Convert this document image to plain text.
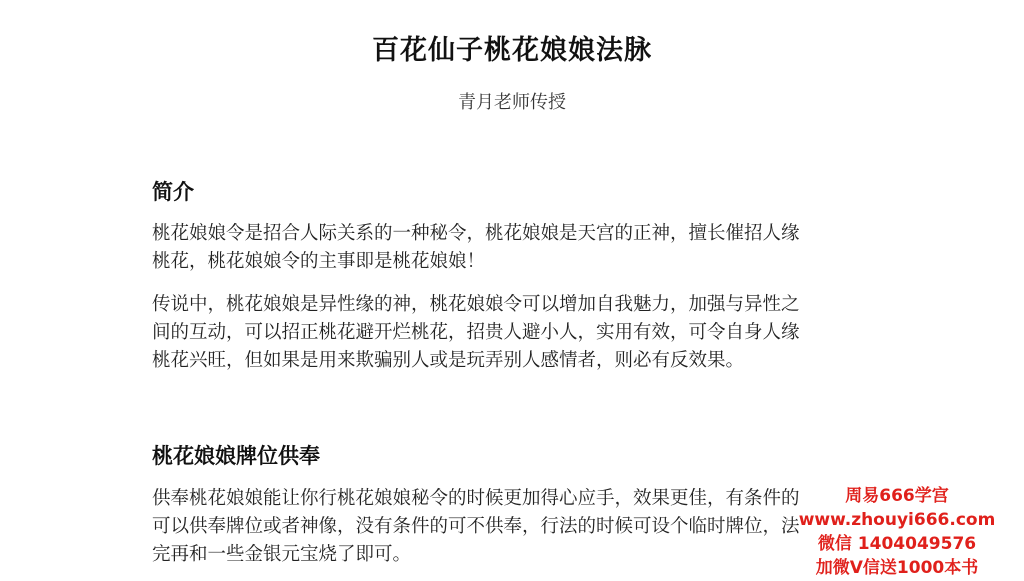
百花仙子桃花娘娘法脉
青月老师传授
简介
桃花娘娘令是招合人际关系的一种秘令，桃花娘娘是天宫的正神，擅长催招人缘
桃花，桃花娘娘令的主事即是桃花娘娘！
传说中，桃花娘娘是异性缘的神，桃花娘娘令可以增加自我魅力，加强与异性之
间的互动，可以招正桃花避开烂桃花，招贵人避小人，实用有效，可令自身人缘
桃花兴旺，但如果是用来欺骗别人或是玩弄别人感情者，则必有反效果。
桃花娘娘牌位供奉
供奉桃花娘娘能让你行桃花娘娘秘令的时候更加得心应手，效果更佳，有条件的
可以供奉牌位或者神像，没有条件的可不供奉，行法的时候可设个临时牌位，法
完再和一些金银元宝烧了即可。
周易666学宫
www.zhouyi666.com
微信 1404049576
加微V信送1000本书
